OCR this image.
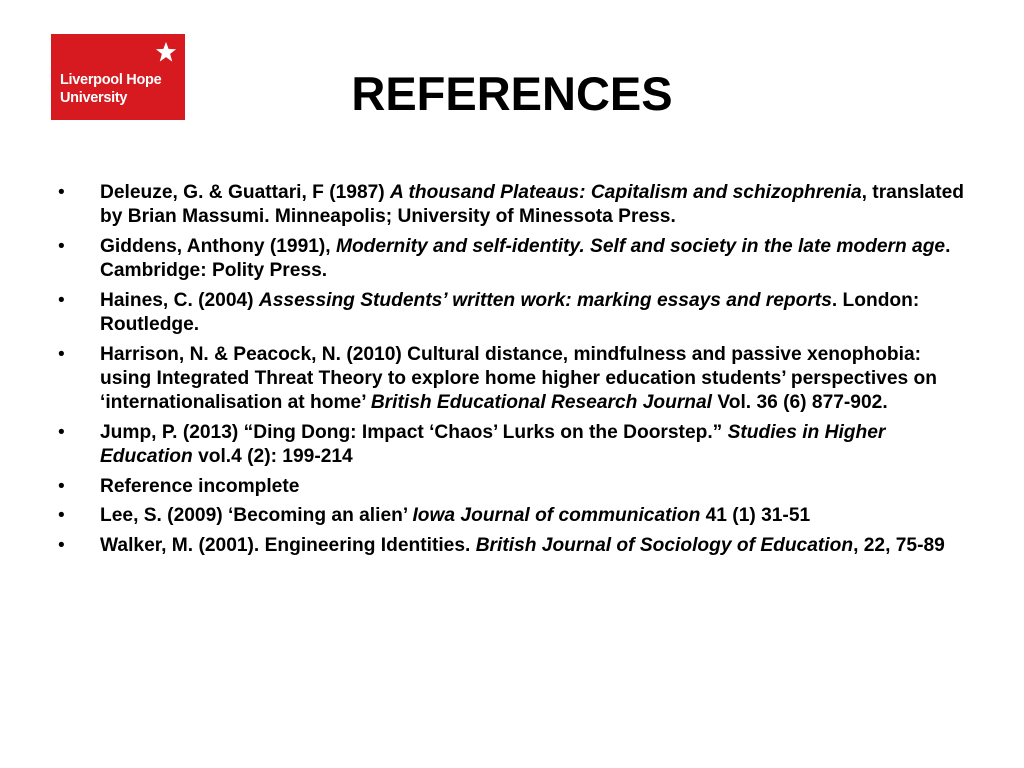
Liverpool Hope
University	REFERENCES
• Deleuze, G. & Guattari, F (1987) A thousand Plateaus: Capitalism and schizophrenia, translated by Brian Massumi. Minneapolis; University of Minessota Press.
• Giddens, Anthony (1991), Modernity and self-identity. Self and society in the late modern age. Cambridge: Polity Press.
• Haines, C. (2004) Assessing Students’ written work: marking essays and reports. London: Routledge.
• Harrison, N. & Peacock, N. (2010) Cultural distance, mindfulness and passive xenophobia: using Integrated Threat Theory to explore home higher education students’ perspectives on ‘internationalisation at home’ British Educational Research Journal Vol. 36 (6) 877-902.
• Jump, P. (2013) “Ding Dong: Impact ‘Chaos’ Lurks on the Doorstep.” Studies in Higher Education vol.4 (2): 199-214
• Reference incomplete
• Lee, S. (2009) ‘Becoming an alien’ Iowa Journal of communication 41 (1) 31-51
• Walker, M. (2001). Engineering Identities. British Journal of Sociology of Education, 22, 75-89
